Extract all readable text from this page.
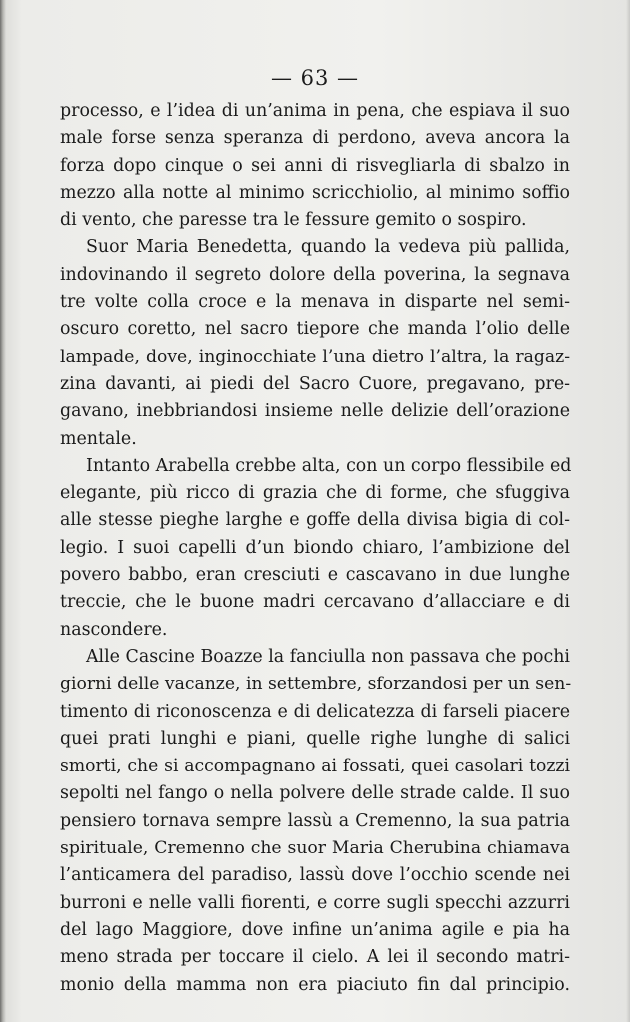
— 63 —
processo, e l’idea di un’anima in pena, che espiava il suo
male forse senza speranza di perdono, aveva ancora la
forza dopo cinque o sei anni di risvegliarla di sbalzo in
mezzo alla notte al minimo scricchiolio, al minimo soffio
di vento, che paresse tra le fessure gemito o sospiro.
Suor Maria Benedetta, quando la vedeva più pallida,
indovinando il segreto dolore della poverina, la segnava
tre volte colla croce e la menava in disparte nel semi-
oscuro coretto, nel sacro tiepore che manda l’olio delle
lampade, dove, inginocchiate l’una dietro l’altra, la ragaz-
zina davanti, ai piedi del Sacro Cuore, pregavano, pre-
gavano, inebbriandosi insieme nelle delizie dell’orazione
mentale.
Intanto Arabella crebbe alta, con un corpo flessibile ed
elegante, più ricco di grazia che di forme, che sfuggiva
alle stesse pieghe larghe e goffe della divisa bigia di col-
legio. I suoi capelli d’un biondo chiaro, l’ambizione del
povero babbo, eran cresciuti e cascavano in due lunghe
treccie, che le buone madri cercavano d’allacciare e di
nascondere.
Alle Cascine Boazze la fanciulla non passava che pochi
giorni delle vacanze, in settembre, sforzandosi per un sen-
timento di riconoscenza e di delicatezza di farseli piacere
quei prati lunghi e piani, quelle righe lunghe di salici
smorti, che si accompagnano ai fossati, quei casolari tozzi
sepolti nel fango o nella polvere delle strade calde. Il suo
pensiero tornava sempre lassù a Cremenno, la sua patria
spirituale, Cremenno che suor Maria Cherubina chiamava
l’anticamera del paradiso, lassù dove l’occhio scende nei
burroni e nelle valli fiorenti, e corre sugli specchi azzurri
del lago Maggiore, dove infine un’anima agile e pia ha
meno strada per toccare il cielo. A lei il secondo matri-
monio della mamma non era piaciuto fin dal principio.
